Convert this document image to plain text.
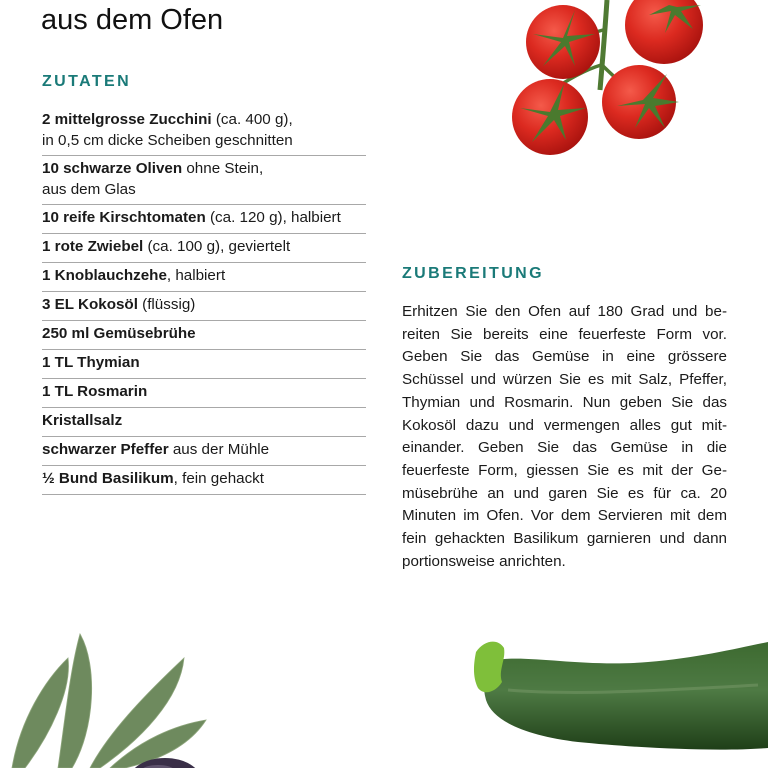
aus dem Ofen
ZUTATEN
2 mittelgrosse Zucchini (ca. 400 g),
in 0,5 cm dicke Scheiben geschnitten
10 schwarze Oliven ohne Stein,
aus dem Glas
10 reife Kirschtomaten (ca. 120 g), halbiert
1 rote Zwiebel (ca. 100 g), geviertelt
1 Knoblauchzehe, halbiert
3 EL Kokosöl (flüssig)
250 ml Gemüsebrühe
1 TL Thymian
1 TL Rosmarin
Kristallsalz
schwarzer Pfeffer aus der Mühle
½ Bund Basilikum, fein gehackt
ZUBEREITUNG

Erhitzen Sie den Ofen auf 180 Grad und bereiten Sie bereits eine feuerfeste Form vor. Geben Sie das Gemüse in eine grössere Schüssel und würzen Sie es mit Salz, Pfeffer, Thymian und Rosmarin. Nun geben Sie das Kokosöl dazu und vermengen alles gut miteinander. Geben Sie das Gemüse in die feuerfeste Form, giessen Sie es mit der Gemüsebrühe an und garen Sie es für ca. 20 Minuten im Ofen. Vor dem Servieren mit dem fein gehackten Basilikum garnieren und dann portionsweise anrichten.
